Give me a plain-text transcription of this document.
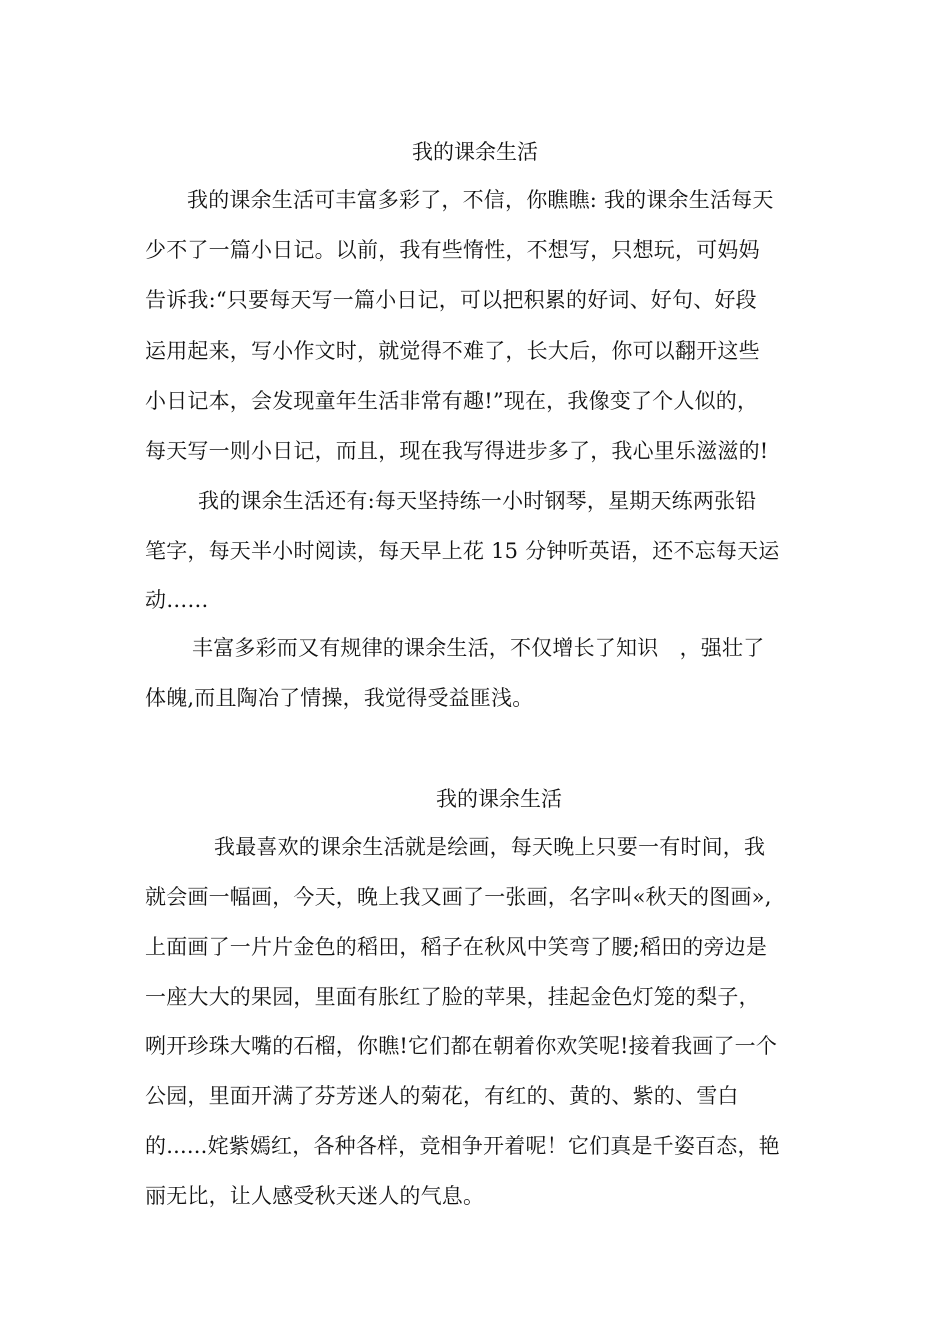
我的课余生活
我的课余生活可丰富多彩了，不信，你瞧瞧: 我的课余生活每天
少不了一篇小日记。以前，我有些惰性，不想写，只想玩，可妈妈
告诉我:“只要每天写一篇小日记，可以把积累的好词、好句、好段
运用起来，写小作文时，就觉得不难了，长大后，你可以翻开这些
小日记本，会发现童年生活非常有趣!”现在，我像变了个人似的，
每天写一则小日记，而且，现在我写得进步多了，我心里乐滋滋的!
我的课余生活还有:每天坚持练一小时钢琴，星期天练两张铅
笔字，每天半小时阅读，每天早上花 15 分钟听英语，还不忘每天运
动……
丰富多彩而又有规律的课余生活，不仅增长了知识　，强壮了
体魄,而且陶冶了情操，我觉得受益匪浅。
我的课余生活
我最喜欢的课余生活就是绘画，每天晚上只要一有时间，我
就会画一幅画，今天，晚上我又画了一张画，名字叫«秋天的图画»,
上面画了一片片金色的稻田，稻子在秋风中笑弯了腰;稻田的旁边是
一座大大的果园，里面有胀红了脸的苹果，挂起金色灯笼的梨子，
咧开珍珠大嘴的石榴，你瞧!它们都在朝着你欢笑呢!接着我画了一个
公园，里面开满了芬芳迷人的菊花，有红的、黄的、紫的、雪白
的......姹紫嫣红，各种各样，竞相争开着呢！它们真是千姿百态，艳
丽无比，让人感受秋天迷人的气息。
